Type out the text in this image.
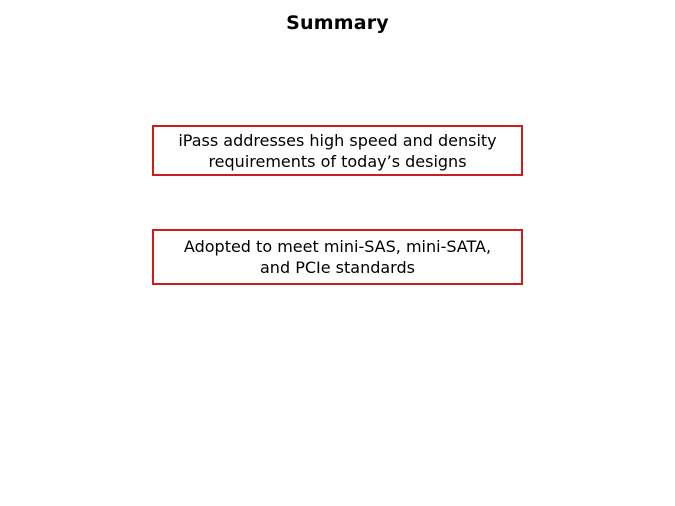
Summary
iPass addresses high speed and density
requirements of today’s designs
Adopted to meet mini-SAS, mini-SATA,
and PCIe standards
